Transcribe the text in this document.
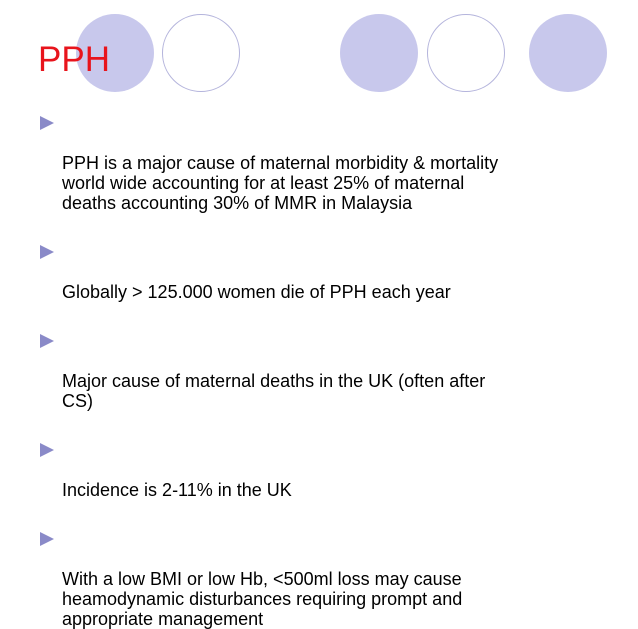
PPH

PPH is a major cause of maternal morbidity & mortality
world wide accounting for at least 25% of maternal
deaths accounting 30% of MMR in Malaysia

Globally > 125.000 women die of PPH each year

Major cause of maternal deaths in the UK (often after
CS)

Incidence is 2-11% in the UK

With a low BMI or low Hb, <500ml loss may cause
heamodynamic disturbances requiring prompt and
appropriate management
